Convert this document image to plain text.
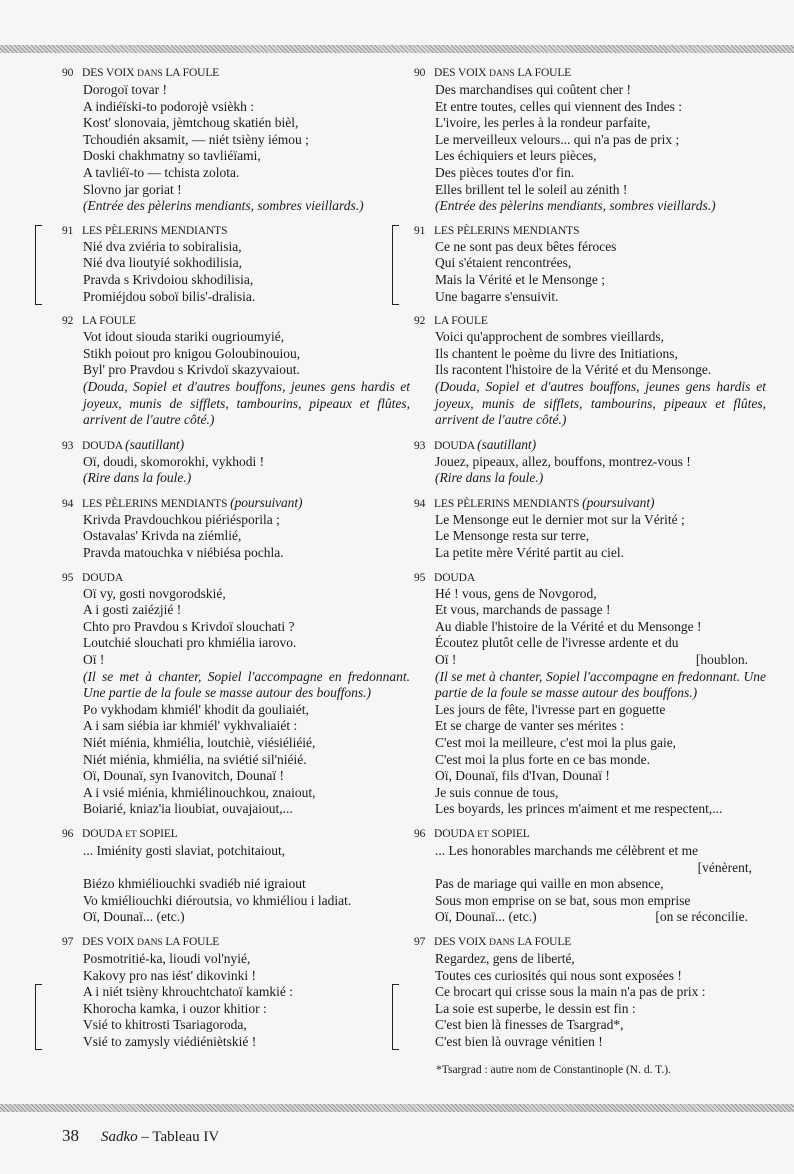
90 DES VOIX DANS LA FOULE
Dorogoï tovar !
A indiéïski-to podorojè vsièkh :
Kost' slonovaia, jèmtchoug skatién bièl,
Tchoudién aksamit, — niét tsièny iémou ;
Doski chakhmatny so tavliéïami,
A tavliéï-to — tchista zolota.
Slovno jar goriat !
(Entrée des pèlerins mendiants, sombres vieillards.)
91 LES PÈLERINS MENDIANTS
Nié dva zviéria to sobiralisia,
Nié dva lioutyié sokhodilisia,
Pravda s Krivdoiou skhodilisia,
Promiéjdou soboï bilis'-dralisia.
92 LA FOULE
Vot idout siouda stariki ougrioumyié,
Stikh poiout pro knigou Goloubinouiou,
Byl' pro Pravdou s Krivdoï skazyvaiout.
(Douda, Sopiel et d'autres bouffons, jeunes gens hardis et joyeux, munis de sifflets, tambourins, pipeaux et flûtes, arrivent de l'autre côté.)
93 DOUDA (sautillant)
Oï, doudi, skomorokhi, vykhodi !
(Rire dans la foule.)
94 LES PÈLERINS MENDIANTS (poursuivant)
Krivda Pravdouchkou piériésporila ;
Ostavalas' Krivda na ziémlié,
Pravda matouchka v niébiésa pochla.
95 DOUDA
Oï vy, gosti novgorodskié,
A i gosti zaiézjié !
Chto pro Pravdou s Krivdoï slouchati ?
Loutchié slouchati pro khmiélia iarovo.
Oï !
(Il se met à chanter, Sopiel l'accompagne en fredonnant. Une partie de la foule se masse autour des bouffons.)
Po vykhodam khmiél' khodit da gouliaiét,
A i sam siébia iar khmiél' vykhvaliaiét :
Niét miénia, khmiélia, loutchiè, viésiéliéié,
Niét miénia, khmiélia, na sviétié sil'niéié.
Oï, Dounaï, syn Ivanovitch, Dounaï !
A i vsié miénia, khmiélinouchkou, znaiout,
Boiarié, kniaz'ia lioubiat, ouvajaiout,...
96 DOUDA ET SOPIEL
... Imiénity gosti slaviat, potchitaiout,
Biézo khmiéliouchki svadiéb nié igraiout
Vo kmiéliouchki diéroutsia, vo khmiéliou i ladiat.
Oï, Dounaï... (etc.)
97 DES VOIX DANS LA FOULE
Posmotritié-ka, lioudi vol'nyié,
Kakovy pro nas iést' dikovinki !
A i niét tsièny khrouchtchatoï kamkié :
Khorocha kamka, i ouzor khitior :
Vsié to khitrosti Tsariagoroda,
Vsié to zamysly viédiéniètskié !
90 DES VOIX DANS LA FOULE
Des marchandises qui coûtent cher !
Et entre toutes, celles qui viennent des Indes :
L'ivoire, les perles à la rondeur parfaite,
Le merveilleux velours... qui n'a pas de prix ;
Les échiquiers et leurs pièces,
Des pièces toutes d'or fin.
Elles brillent tel le soleil au zénith !
(Entrée des pèlerins mendiants, sombres vieillards.)
91 LES PÈLERINS MENDIANTS
Ce ne sont pas deux bêtes féroces
Qui s'étaient rencontrées,
Mais la Vérité et le Mensonge ;
Une bagarre s'ensuivit.
92 LA FOULE
Voici qu'approchent de sombres vieillards,
Ils chantent le poème du livre des Initiations,
Ils racontent l'histoire de la Vérité et du Mensonge.
(Douda, Sopiel et d'autres bouffons, jeunes gens hardis et joyeux, munis de sifflets, tambourins, pipeaux et flûtes, arrivent de l'autre côté.)
93 DOUDA (sautillant)
Jouez, pipeaux, allez, bouffons, montrez-vous !
(Rire dans la foule.)
94 LES PÈLERINS MENDIANTS (poursuivant)
Le Mensonge eut le dernier mot sur la Vérité ;
Le Mensonge resta sur terre,
La petite mère Vérité partit au ciel.
95 DOUDA
Hé ! vous, gens de Novgorod,
Et vous, marchands de passage !
Au diable l'histoire de la Vérité et du Mensonge !
Écoutez plutôt celle de l'ivresse ardente et du
Oï !	[houblon.
(Il se met à chanter, Sopiel l'accompagne en fredonnant. Une partie de la foule se masse autour des bouffons.)
Les jours de fête, l'ivresse part en goguette
Et se charge de vanter ses mérites :
C'est moi la meilleure, c'est moi la plus gaie,
C'est moi la plus forte en ce bas monde.
Oï, Dounaï, fils d'Ivan, Dounaï !
Je suis connue de tous,
Les boyards, les princes m'aiment et me respectent,...
96 DOUDA ET SOPIEL
... Les honorables marchands me célèbrent et me
[vénèrent,
Pas de mariage qui vaille en mon absence,
Sous mon emprise on se bat, sous mon emprise
Oï, Dounaï... (etc.)	[on se réconcilie.
97 DES VOIX DANS LA FOULE
Regardez, gens de liberté,
Toutes ces curiosités qui nous sont exposées !
Ce brocart qui crisse sous la main n'a pas de prix :
La soie est superbe, le dessin est fin :
C'est bien là finesses de Tsargrad*,
C'est bien là ouvrage vénitien !
*Tsargrad : autre nom de Constantinople (N. d. T.).
38 Sadko – Tableau IV
